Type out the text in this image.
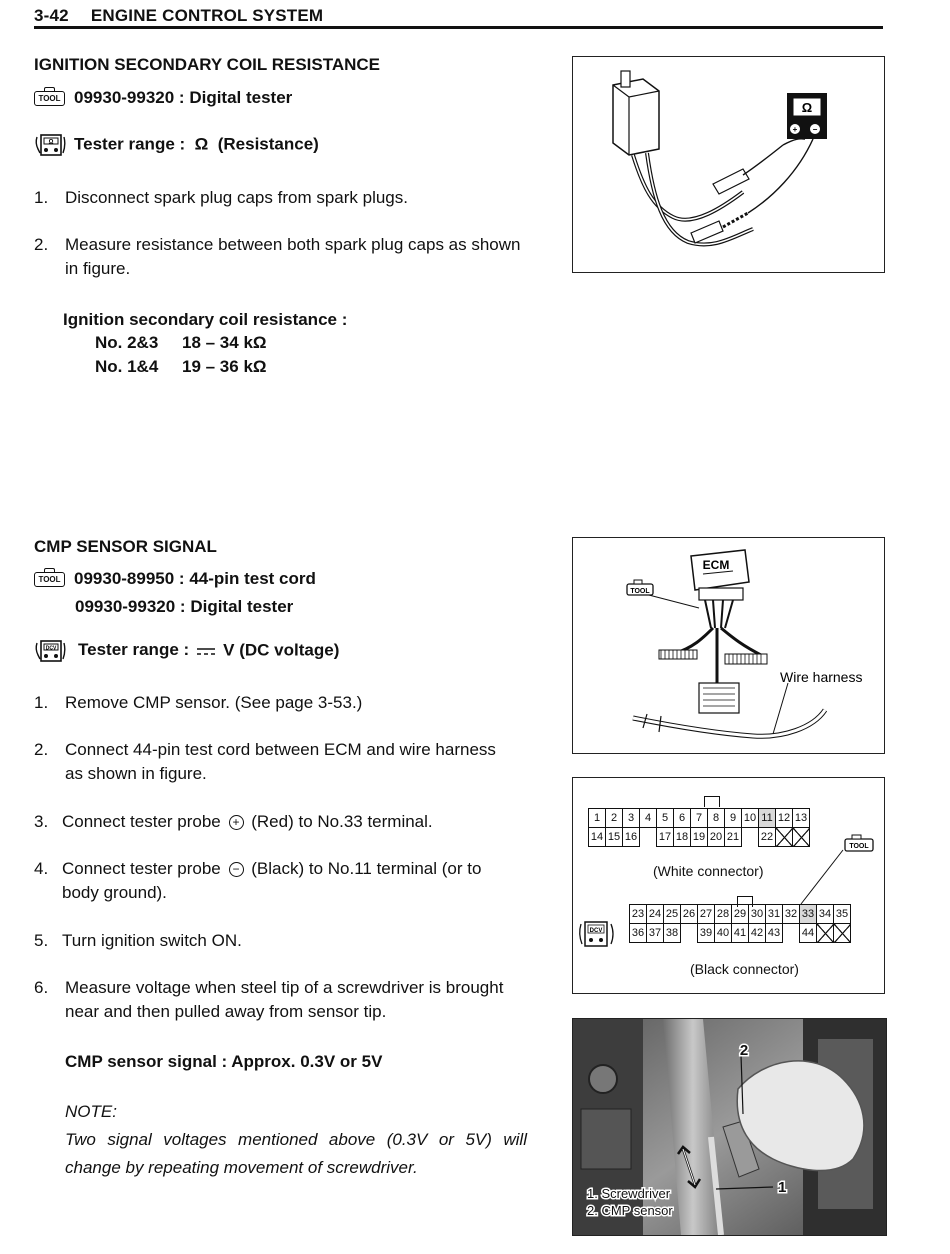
3-42 ENGINE CONTROL SYSTEM
IGNITION SECONDARY COIL RESISTANCE
TOOL 09930-99320 : Digital tester
Ω Tester range : Ω (Resistance)
1. Disconnect spark plug caps from spark plugs.
2. Measure resistance between both spark plug caps as shown
in figure.
Ignition secondary coil resistance :
No. 2&3 18 – 34 kΩ
No. 1&4 19 – 36 kΩ
Ω
+ −
CMP SENSOR SIGNAL
TOOL 09930-89950 : 44-pin test cord
09930-99320 : Digital tester
DCV Tester range : V (DC voltage)
1. Remove CMP sensor. (See page 3-53.)
2. Connect 44-pin test cord between ECM and wire harness
as shown in figure.
3. Connect tester probe + (Red) to No.33 terminal.
4. Connect tester probe − (Black) to No.11 terminal (or to
body ground).
5. Turn ignition switch ON.
6. Measure voltage when steel tip of a screwdriver is brought
near and then pulled away from sensor tip.
CMP sensor signal : Approx. 0.3V or 5V
NOTE:
Two signal voltages mentioned above (0.3V or 5V) will
change by repeating movement of screwdriver.
ECM
TOOL
Wire harness
1	2	3	4	5	6	7	8	9	10	11	12	13
14	15	16		17	18	19	20	21		22		
(White connector)
23	24	25	26	27	28	29	30	31	32	33	34	35
36	37	38		39	40	41	42	43		44		
(Black connector)
TOOL
DCV
2
1
1. Screwdriver
2. CMP sensor
